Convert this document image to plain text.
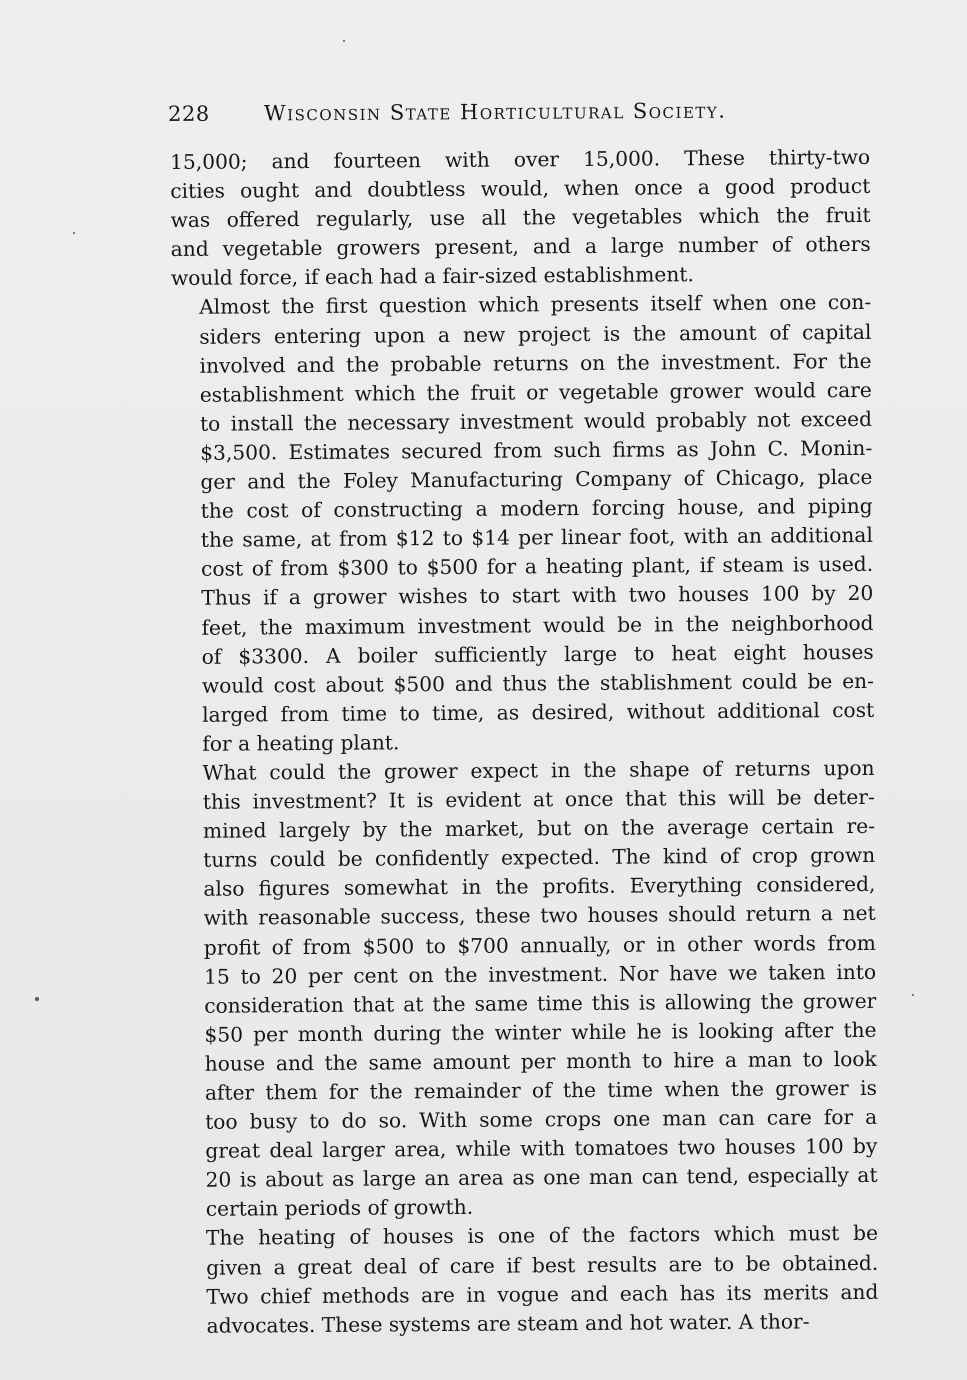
228	Wisconsin State Horticultural Society.

15,000; and fourteen with over 15,000. These thirty-two
cities ought and doubtless would, when once a good product
was offered regularly, use all the vegetables which the fruit
and vegetable growers present, and a large number of others
would force, if each had a fair-sized establishment.

Almost the first question which presents itself when one con-
siders entering upon a new project is the amount of capital
involved and the probable returns on the investment. For the
establishment which the fruit or vegetable grower would care
to install the necessary investment would probably not exceed
$3,500. Estimates secured from such firms as John C. Monin-
ger and the Foley Manufacturing Company of Chicago, place
the cost of constructing a modern forcing house, and piping
the same, at from $12 to $14 per linear foot, with an additional
cost of from $300 to $500 for a heating plant, if steam is used.
Thus if a grower wishes to start with two houses 100 by 20
feet, the maximum investment would be in the neighborhood
of $3300. A boiler sufficiently large to heat eight houses
would cost about $500 and thus the stablishment could be en-
larged from time to time, as desired, without additional cost
for a heating plant.

What could the grower expect in the shape of returns upon
this investment? It is evident at once that this will be deter-
mined largely by the market, but on the average certain re-
turns could be confidently expected. The kind of crop grown
also figures somewhat in the profits. Everything considered,
with reasonable success, these two houses should return a net
profit of from $500 to $700 annually, or in other words from
15 to 20 per cent on the investment. Nor have we taken into
consideration that at the same time this is allowing the grower
$50 per month during the winter while he is looking after the
house and the same amount per month to hire a man to look
after them for the remainder of the time when the grower is
too busy to do so. With some crops one man can care for a
great deal larger area, while with tomatoes two houses 100 by
20 is about as large an area as one man can tend, especially at
certain periods of growth.

The heating of houses is one of the factors which must be
given a great deal of care if best results are to be obtained.
Two chief methods are in vogue and each has its merits and
advocates. These systems are steam and hot water. A thor-
